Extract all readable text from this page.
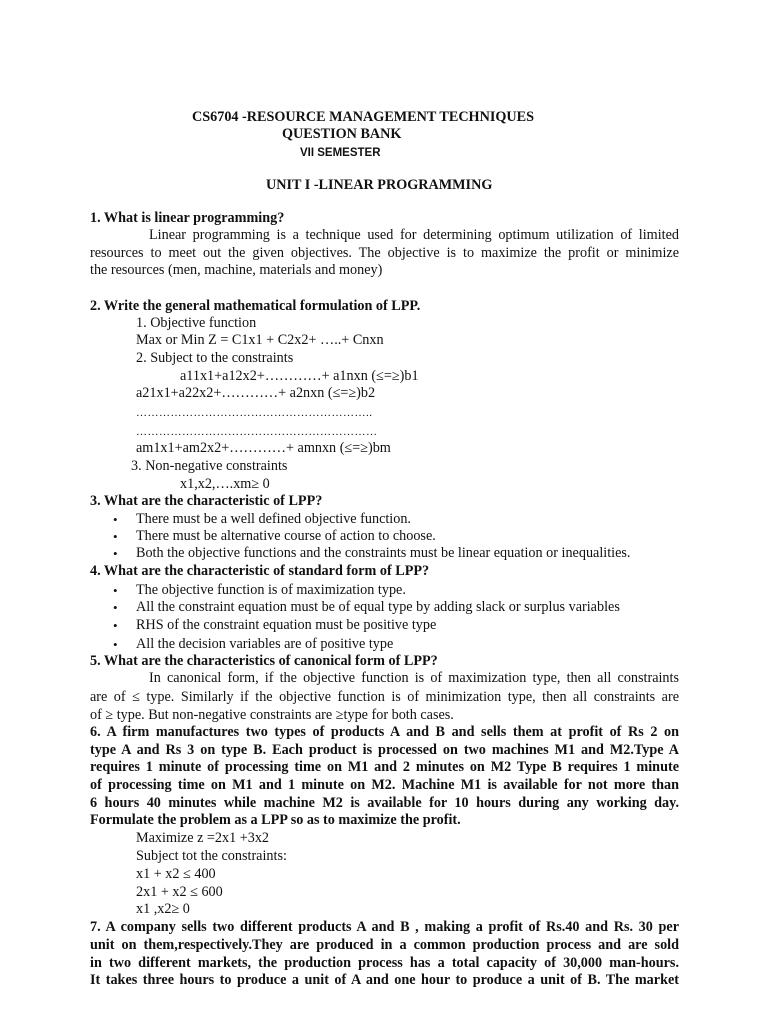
CS6704 -RESOURCE MANAGEMENT TECHNIQUES
QUESTION BANK
VII SEMESTER
UNIT I -LINEAR PROGRAMMING
1. What is linear programming?
Linear programming is a technique used for determining optimum utilization of limited
resources to meet out the given objectives. The objective is to maximize the profit or minimize
the resources (men, machine, materials and money)
2. Write the general mathematical formulation of LPP.
1. Objective function
Max or Min Z = C1x1 + C2x2+ …..+ Cnxn
2. Subject to the constraints
a11x1+a12x2+…………+ a1nxn (≤=≥)b1
a21x1+a22x2+…………+ a2nxn (≤=≥)b2
……………………………………………………..
………………………………………………………
am1x1+am2x2+…………+ amnxn (≤=≥)bm
3. Non-negative constraints
x1,x2,….xm≥ 0
3. What are the characteristic of LPP?
•	There must be a well defined objective function.
•	There must be alternative course of action to choose.
•	Both the objective functions and the constraints must be linear equation or inequalities.
4. What are the characteristic of standard form of LPP?
•	The objective function is of maximization type.
•	All the constraint equation must be of equal type by adding slack or surplus variables
•	RHS of the constraint equation must be positive type
•	All the decision variables are of positive type
5. What are the characteristics of canonical form of LPP?
In canonical form, if the objective function is of maximization type, then all constraints
are of ≤ type. Similarly if the objective function is of minimization type, then all constraints are
of ≥ type. But non-negative constraints are ≥type for both cases.
6. A firm manufactures two types of products A and B and sells them at profit of Rs 2 on
type A and Rs 3 on type B. Each product is processed on two machines M1 and M2.Type A
requires 1 minute of processing time on M1 and 2 minutes on M2 Type B requires 1 minute
of processing time on M1 and 1 minute on M2. Machine M1 is available for not more than
6 hours 40 minutes while machine M2 is available for 10 hours during any working day.
Formulate the problem as a LPP so as to maximize the profit.
Maximize z =2x1 +3x2
Subject tot the constraints:
x1 + x2 ≤ 400
2x1 + x2 ≤ 600
x1 ,x2≥ 0
7. A company sells two different products A and B , making a profit of Rs.40 and Rs. 30 per
unit on them,respectively.They are produced in a common production process and are sold
in two different markets, the production process has a total capacity of 30,000 man-hours.
It takes three hours to produce a unit of A and one hour to produce a unit of B. The market
